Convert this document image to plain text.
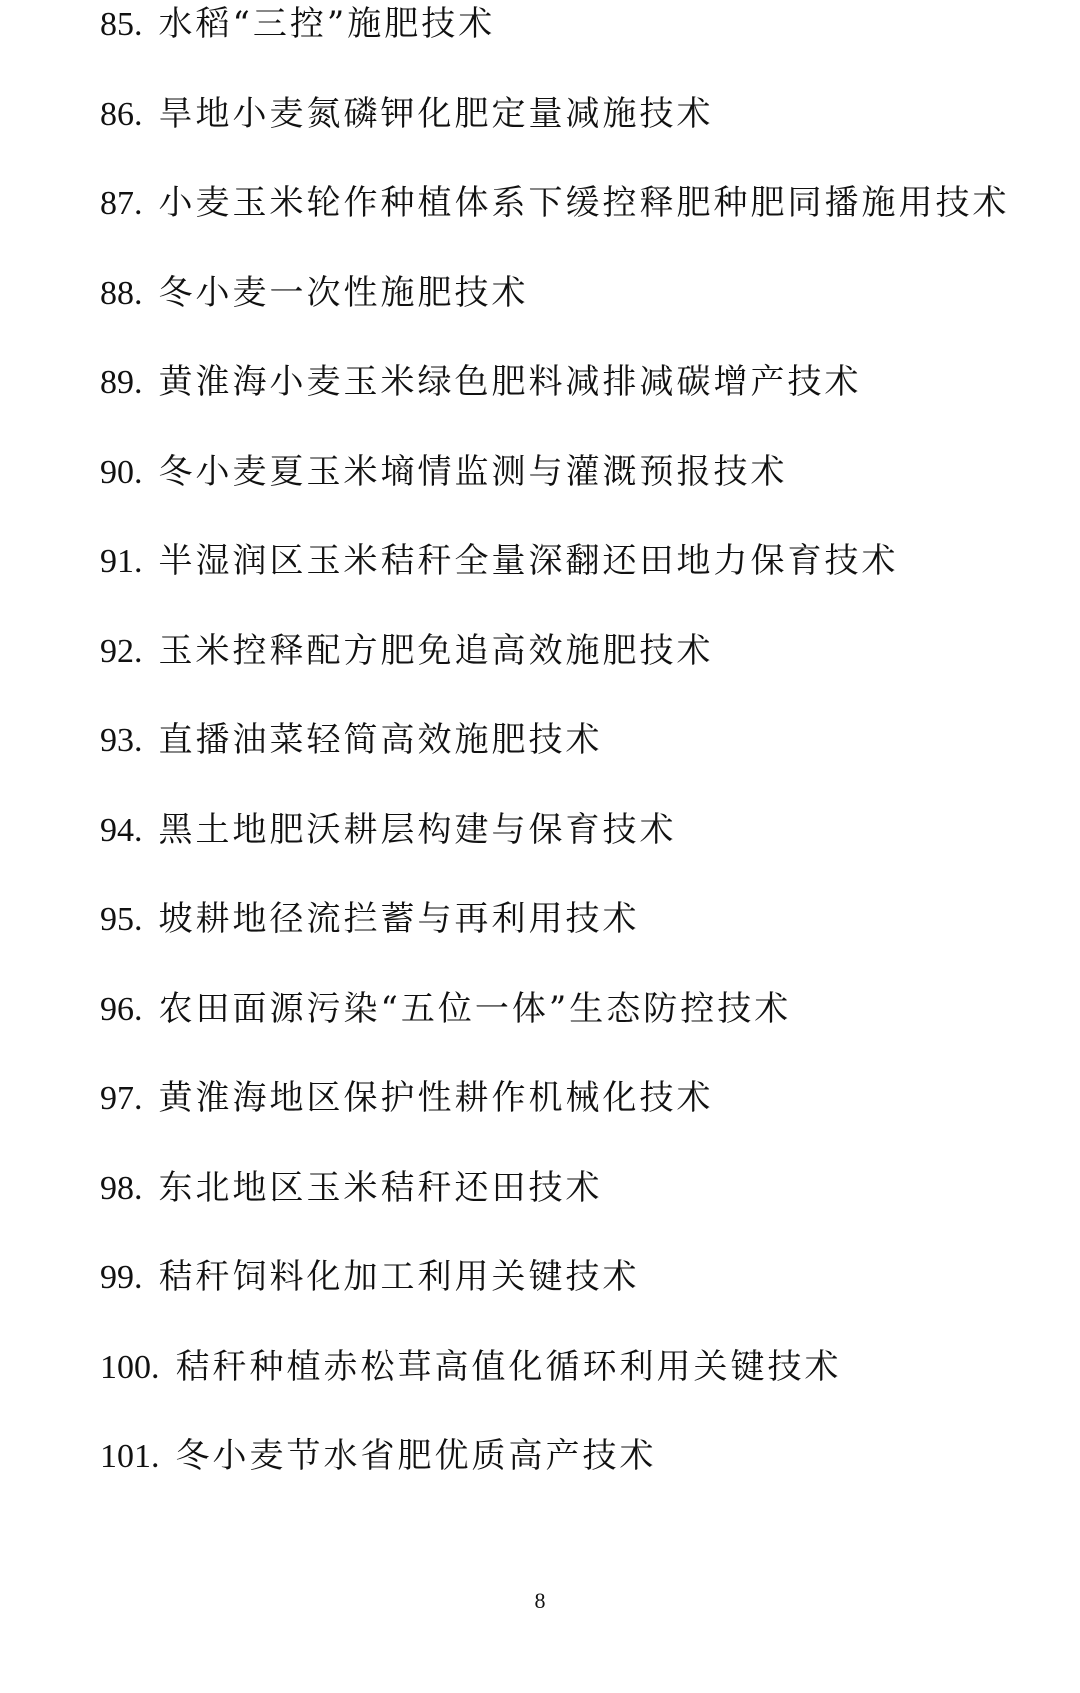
85. 水稻“三控”施肥技术
86. 旱地小麦氮磷钾化肥定量减施技术
87. 小麦玉米轮作种植体系下缓控释肥种肥同播施用技术
88. 冬小麦一次性施肥技术
89. 黄淮海小麦玉米绿色肥料减排减碳增产技术
90. 冬小麦夏玉米墒情监测与灌溉预报技术
91. 半湿润区玉米秸秆全量深翻还田地力保育技术
92. 玉米控释配方肥免追高效施肥技术
93. 直播油菜轻简高效施肥技术
94. 黑土地肥沃耕层构建与保育技术
95. 坡耕地径流拦蓄与再利用技术
96. 农田面源污染“五位一体”生态防控技术
97. 黄淮海地区保护性耕作机械化技术
98. 东北地区玉米秸秆还田技术
99. 秸秆饲料化加工利用关键技术
100. 秸秆种植赤松茸高值化循环利用关键技术
101. 冬小麦节水省肥优质高产技术
8
